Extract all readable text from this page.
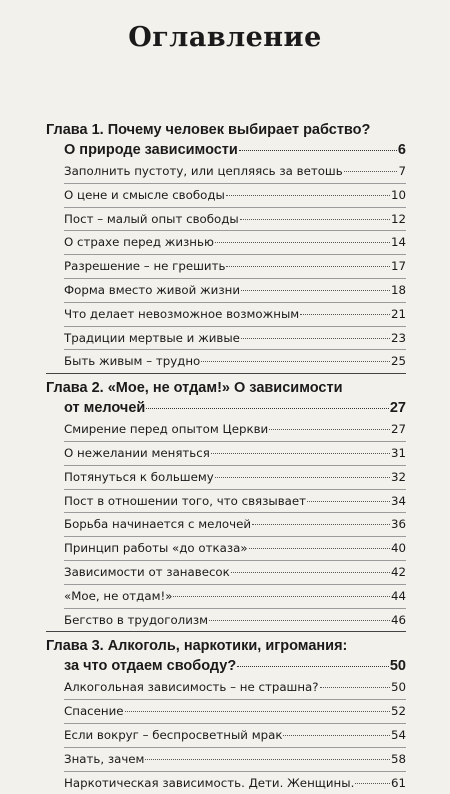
Оглавление
Глава 1. Почему человек выбирает рабство?
О природе зависимости	6
Заполнить пустоту, или цепляясь за ветошь	7
О цене и смысле свободы	10
Пост – малый опыт свободы	12
О страхе перед жизнью	14
Разрешение – не грешить	17
Форма вместо живой жизни	18
Что делает невозможное возможным	21
Традиции мертвые и живые	23
Быть живым – трудно	25
Глава 2. «Мое, не отдам!» О зависимости
от мелочей	27
Смирение перед опытом Церкви	27
О нежелании меняться	31
Потянуться к большему	32
Пост в отношении того, что связывает	34
Борьба начинается с мелочей	36
Принцип работы «до отказа»	40
Зависимости от занавесок	42
«Мое, не отдам!»	44
Бегство в трудоголизм	46
Глава 3. Алкоголь, наркотики, игромания:
за что отдаем свободу?	50
Алкогольная зависимость – не страшна?	50
Спасение	52
Если вокруг – беспросветный мрак	54
Знать, зачем	58
Наркотическая зависимость. Дети. Женщины.	61
